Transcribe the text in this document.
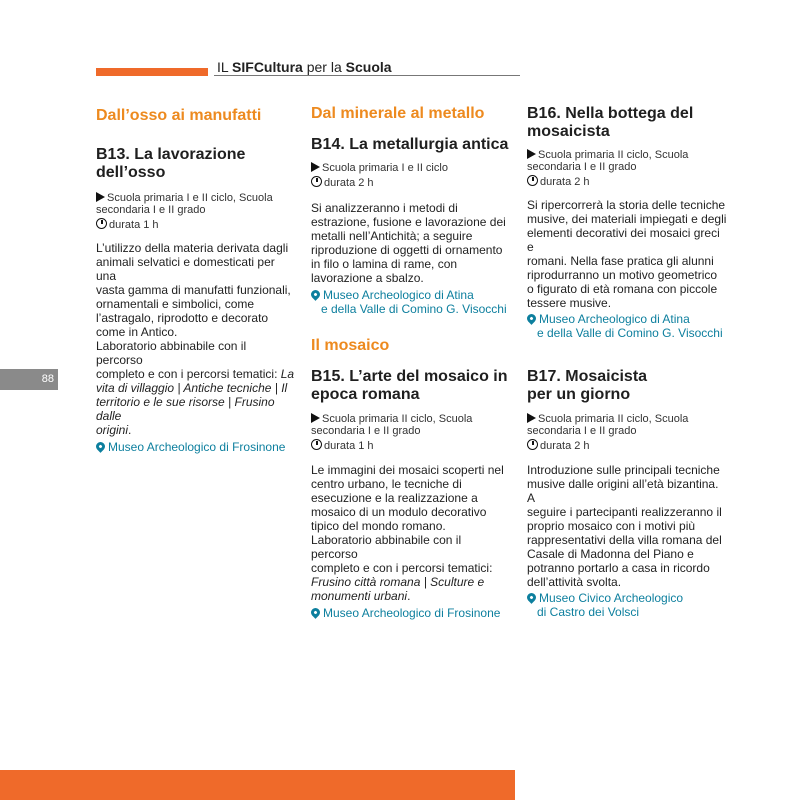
IL SIFCultura per la Scuola
88
Dall’osso ai manufatti
B13. La lavorazione
dell’osso
Scuola primaria I e II ciclo, Scuola
secondaria I e II grado
durata 1 h
L’utilizzo della materia derivata dagli
animali selvatici e domesticati per una
vasta gamma di manufatti funzionali,
ornamentali e simbolici, come
l’astragalo, riprodotto e decorato
come in Antico.
Laboratorio abbinabile con il percorso
completo e con i percorsi tematici: La
vita di villaggio | Antiche tecniche | Il
territorio e le sue risorse | Frusino dalle
origini.
Museo Archeologico di Frosinone
Dal minerale al metallo
B14. La metallurgia antica
Scuola primaria I e II ciclo
durata 2 h
Si analizzeranno i metodi di
estrazione, fusione e lavorazione dei
metalli nell’Antichità; a seguire
riproduzione di oggetti di ornamento
in filo o lamina di rame, con
lavorazione a sbalzo.
Museo Archeologico di Atina
e della Valle di Comino G. Visocchi
Il mosaico
B15. L’arte del mosaico in
epoca romana
Scuola primaria II ciclo, Scuola
secondaria I e II grado
durata 1 h
Le immagini dei mosaici scoperti nel
centro urbano, le tecniche di
esecuzione e la realizzazione a
mosaico di un modulo decorativo
tipico del mondo romano.
Laboratorio abbinabile con il percorso
completo e con i percorsi tematici:
Frusino città romana | Sculture e
monumenti urbani.
Museo Archeologico di Frosinone
B16. Nella bottega del
mosaicista
Scuola primaria II ciclo, Scuola
secondaria I e II grado
durata 2 h
Si ripercorrerà la storia delle tecniche
musive, dei materiali impiegati e degli
elementi decorativi dei mosaici greci e
romani. Nella fase pratica gli alunni
riprodurranno un motivo geometrico
o figurato di età romana con piccole
tessere musive.
Museo Archeologico di Atina
e della Valle di Comino G. Visocchi
B17. Mosaicista
per un giorno
Scuola primaria II ciclo, Scuola
secondaria I e II grado
durata 2 h
Introduzione sulle principali tecniche
musive dalle origini all’età bizantina. A
seguire i partecipanti realizzeranno il
proprio mosaico con i motivi più
rappresentativi della villa romana del
Casale di Madonna del Piano e
potranno portarlo a casa in ricordo
dell’attività svolta.
Museo Civico Archeologico
di Castro dei Volsci
